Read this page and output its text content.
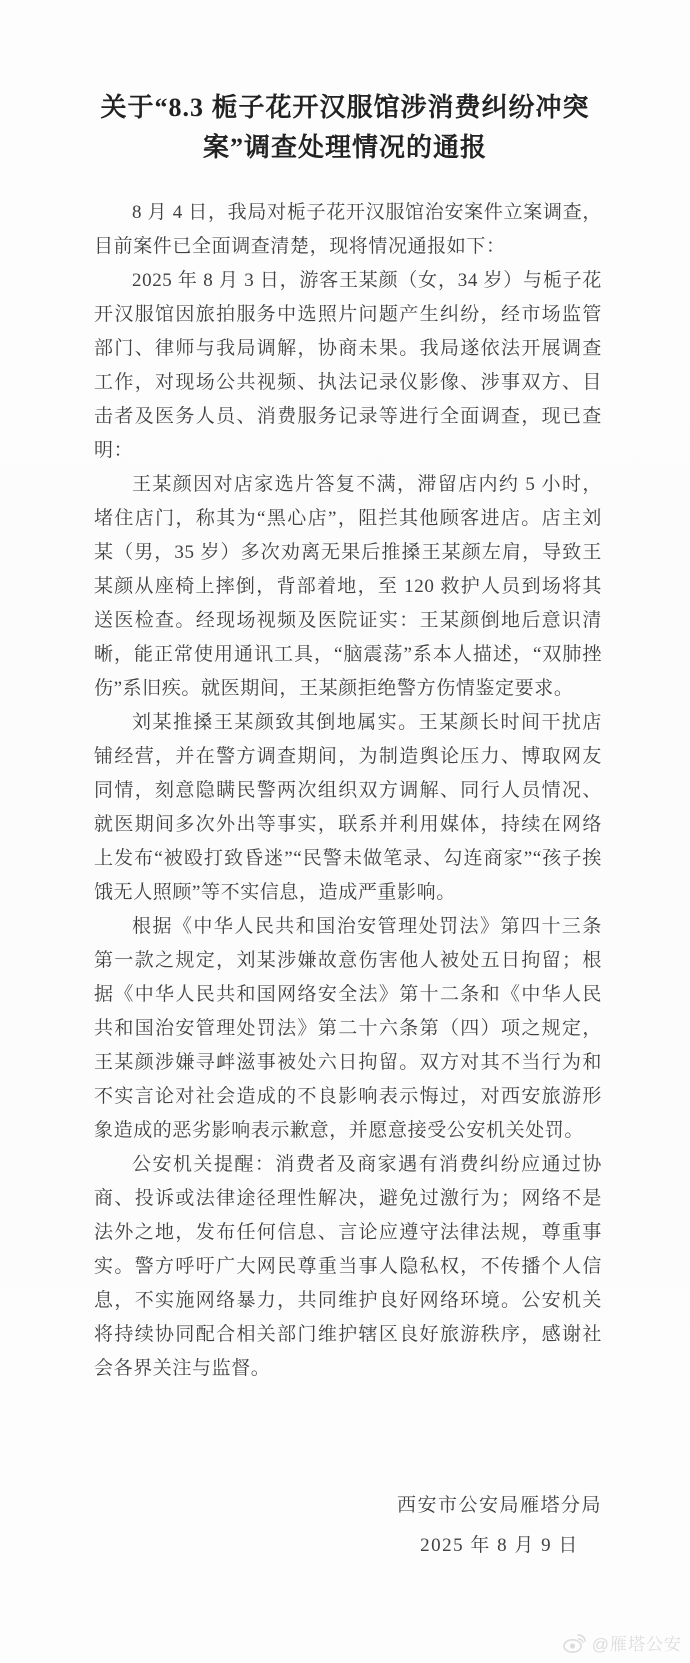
关于“8.3 栀子花开汉服馆涉消费纠纷冲突
案”调查处理情况的通报

8 月 4 日，我局对栀子花开汉服馆治安案件立案调查，目前案件已全面调查清楚，现将情况通报如下：

2025 年 8 月 3 日，游客王某颜（女，34 岁）与栀子花开汉服馆因旅拍服务中选照片问题产生纠纷，经市场监管部门、律师与我局调解，协商未果。我局遂依法开展调查工作，对现场公共视频、执法记录仪影像、涉事双方、目击者及医务人员、消费服务记录等进行全面调查，现已查明：

王某颜因对店家选片答复不满，滞留店内约 5 小时，堵住店门，称其为“黑心店”，阻拦其他顾客进店。店主刘某（男，35 岁）多次劝离无果后推搡王某颜左肩，导致王某颜从座椅上摔倒，背部着地，至 120 救护人员到场将其送医检查。经现场视频及医院证实：王某颜倒地后意识清晰，能正常使用通讯工具，“脑震荡”系本人描述，“双肺挫伤”系旧疾。就医期间，王某颜拒绝警方伤情鉴定要求。

刘某推搡王某颜致其倒地属实。王某颜长时间干扰店铺经营，并在警方调查期间，为制造舆论压力、博取网友同情，刻意隐瞒民警两次组织双方调解、同行人员情况、就医期间多次外出等事实，联系并利用媒体，持续在网络上发布“被殴打致昏迷”“民警未做笔录、勾连商家”“孩子挨饿无人照顾”等不实信息，造成严重影响。

根据《中华人民共和国治安管理处罚法》第四十三条第一款之规定，刘某涉嫌故意伤害他人被处五日拘留；根据《中华人民共和国网络安全法》第十二条和《中华人民共和国治安管理处罚法》第二十六条第（四）项之规定，王某颜涉嫌寻衅滋事被处六日拘留。双方对其不当行为和不实言论对社会造成的不良影响表示悔过，对西安旅游形象造成的恶劣影响表示歉意，并愿意接受公安机关处罚。

公安机关提醒：消费者及商家遇有消费纠纷应通过协商、投诉或法律途径理性解决，避免过激行为；网络不是法外之地，发布任何信息、言论应遵守法律法规，尊重事实。警方呼吁广大网民尊重当事人隐私权，不传播个人信息，不实施网络暴力，共同维护良好网络环境。公安机关将持续协同配合相关部门维护辖区良好旅游秩序，感谢社会各界关注与监督。

西安市公安局雁塔分局
2025 年 8 月 9 日
@雁塔公安
